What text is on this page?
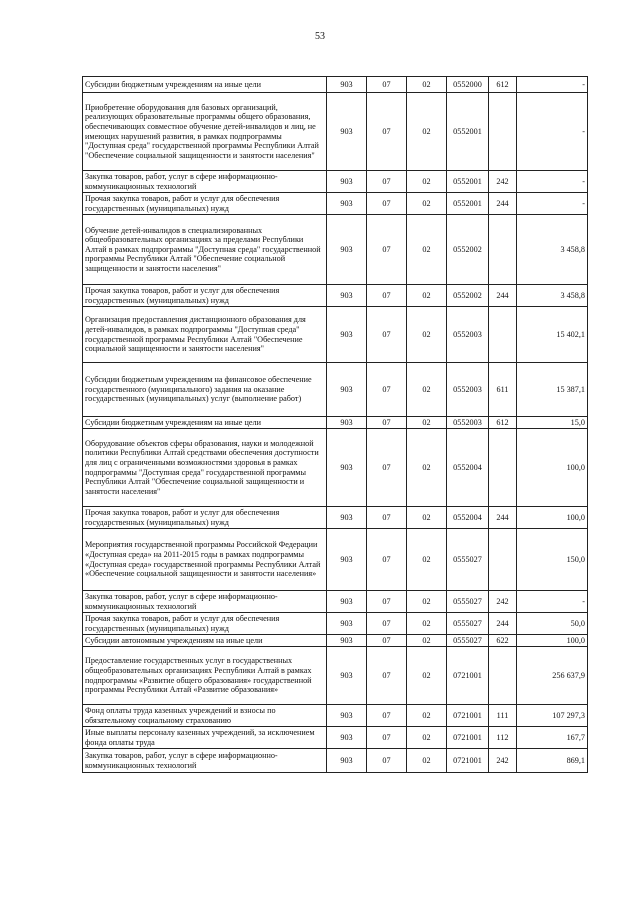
53
Субсидии бюджетным учреждениям на иные цели	903	07	02	0552000	612	-
Приобретение оборудования для базовых организаций, реализующих образовательные программы общего образования, обеспечивающих совместное обучение детей-инвалидов и лиц, не имеющих нарушений развития, в рамках подпрограммы "Доступная среда" государственной программы Республики Алтай "Обеспечение социальной защищенности и занятости населения"	903	07	02	0552001		-
Закупка товаров, работ, услуг в сфере информационно-коммуникационных технологий	903	07	02	0552001	242	-
Прочая закупка товаров, работ и услуг для обеспечения государственных (муниципальных) нужд	903	07	02	0552001	244	-
Обучение детей-инвалидов в специализированных общеобразовательных организациях за пределами Республики Алтай в рамках подпрограммы "Доступная среда" государственной программы Республики Алтай "Обеспечение социальной защищенности и занятости населения"	903	07	02	0552002		3 458,8
Прочая закупка товаров, работ и услуг для обеспечения государственных (муниципальных) нужд	903	07	02	0552002	244	3 458,8
Организация предоставления дистанционного образования для детей-инвалидов, в рамках подпрограммы "Доступная среда" государственной программы Республики Алтай "Обеспечение социальной защищенности и занятости населения"	903	07	02	0552003		15 402,1
Субсидии бюджетным учреждениям на финансовое обеспечение государственного (муниципального) задания на оказание государственных (муниципальных) услуг (выполнение работ)	903	07	02	0552003	611	15 387,1
Субсидии бюджетным учреждениям на иные цели	903	07	02	0552003	612	15,0
Оборудование объектов сферы образования, науки и молодежной политики Республики Алтай средствами обеспечения доступности для лиц с ограниченными возможностями здоровья в рамках подпрограммы "Доступная среда" государственной программы Республики Алтай "Обеспечение социальной защищенности и занятости населения"	903	07	02	0552004		100,0
Прочая закупка товаров, работ и услуг для обеспечения государственных (муниципальных) нужд	903	07	02	0552004	244	100,0
Мероприятия государственной программы Российской Федерации «Доступная среда» на 2011-2015 годы в рамках подпрограммы «Доступная среда» государственной программы Республики Алтай «Обеспечение социальной защищенности и занятости населения»	903	07	02	0555027		150,0
Закупка товаров, работ, услуг в сфере информационно-коммуникационных технологий	903	07	02	0555027	242	-
Прочая закупка товаров, работ и услуг для обеспечения государственных (муниципальных) нужд	903	07	02	0555027	244	50,0
Субсидии автономным учреждениям на иные цели	903	07	02	0555027	622	100,0
Предоставление государственных услуг в государственных общеобразовательных организациях Республики Алтай в рамках подпрограммы «Развитие общего образования» государственной программы Республики Алтай «Развитие образования»	903	07	02	0721001		256 637,9
Фонд оплаты труда казенных учреждений и взносы по обязательному социальному страхованию	903	07	02	0721001	111	107 297,3
Иные выплаты персоналу казенных учреждений, за исключением фонда оплаты труда	903	07	02	0721001	112	167,7
Закупка товаров, работ, услуг в сфере информационно-коммуникационных технологий	903	07	02	0721001	242	869,1
